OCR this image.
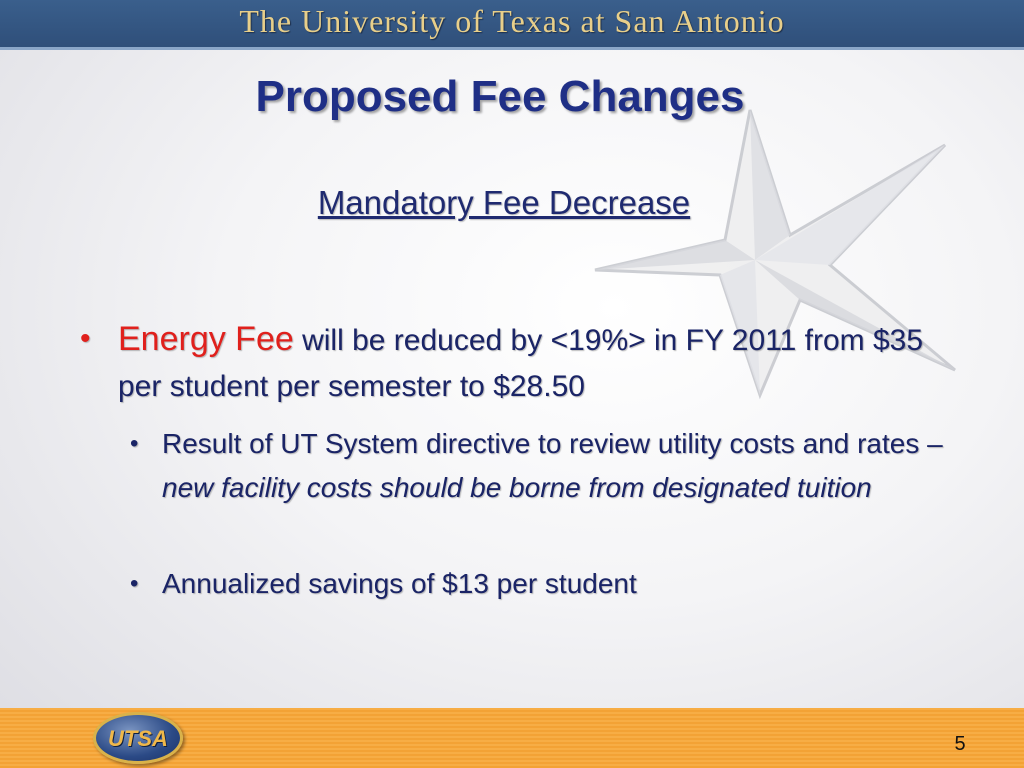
The University of Texas at San Antonio
Proposed Fee Changes
Mandatory Fee Decrease
• Energy Fee will be reduced by <19%> in FY 2011 from $35 per student per semester to $28.50
• Result of UT System directive to review utility costs and rates – new facility costs should be borne from designated tuition
• Annualized savings of $13 per student
UTSA	5
